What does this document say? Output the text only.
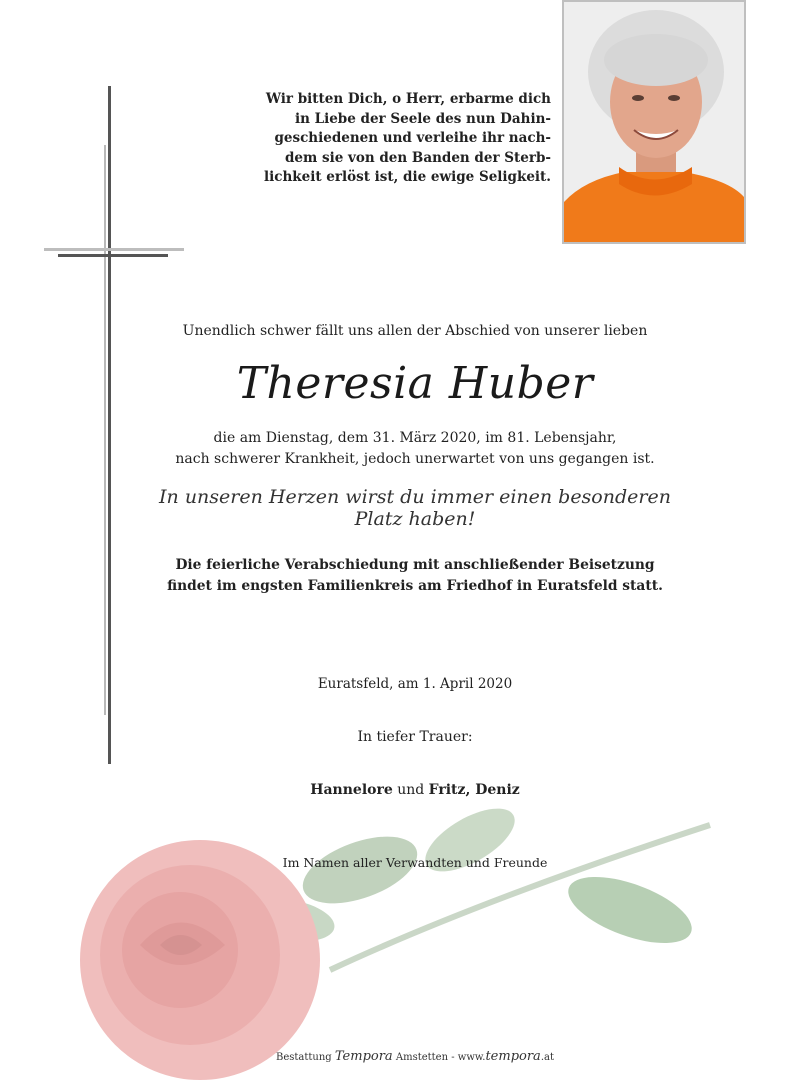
Wir bitten Dich, o Herr, erbarme dich
in Liebe der Seele des nun Dahin-
geschiedenen und verleihe ihr nach-
dem sie von den Banden der Sterb-
lichkeit erlöst ist, die ewige Seligkeit.
Unendlich schwer fällt uns allen der Abschied von unserer lieben
Theresia Huber
die am Dienstag, dem 31. März 2020, im 81. Lebensjahr,
nach schwerer Krankheit, jedoch unerwartet von uns gegangen ist.
In unseren Herzen wirst du immer einen besonderen Platz haben!
Die feierliche Verabschiedung mit anschließender Beisetzung
findet im engsten Familienkreis am Friedhof in Euratsfeld statt.
Euratsfeld, am 1. April 2020
In tiefer Trauer:
Hannelore und Fritz, Deniz
Im Namen aller Verwandten und Freunde
Bestattung Tempora Amstetten - www.tempora.at
